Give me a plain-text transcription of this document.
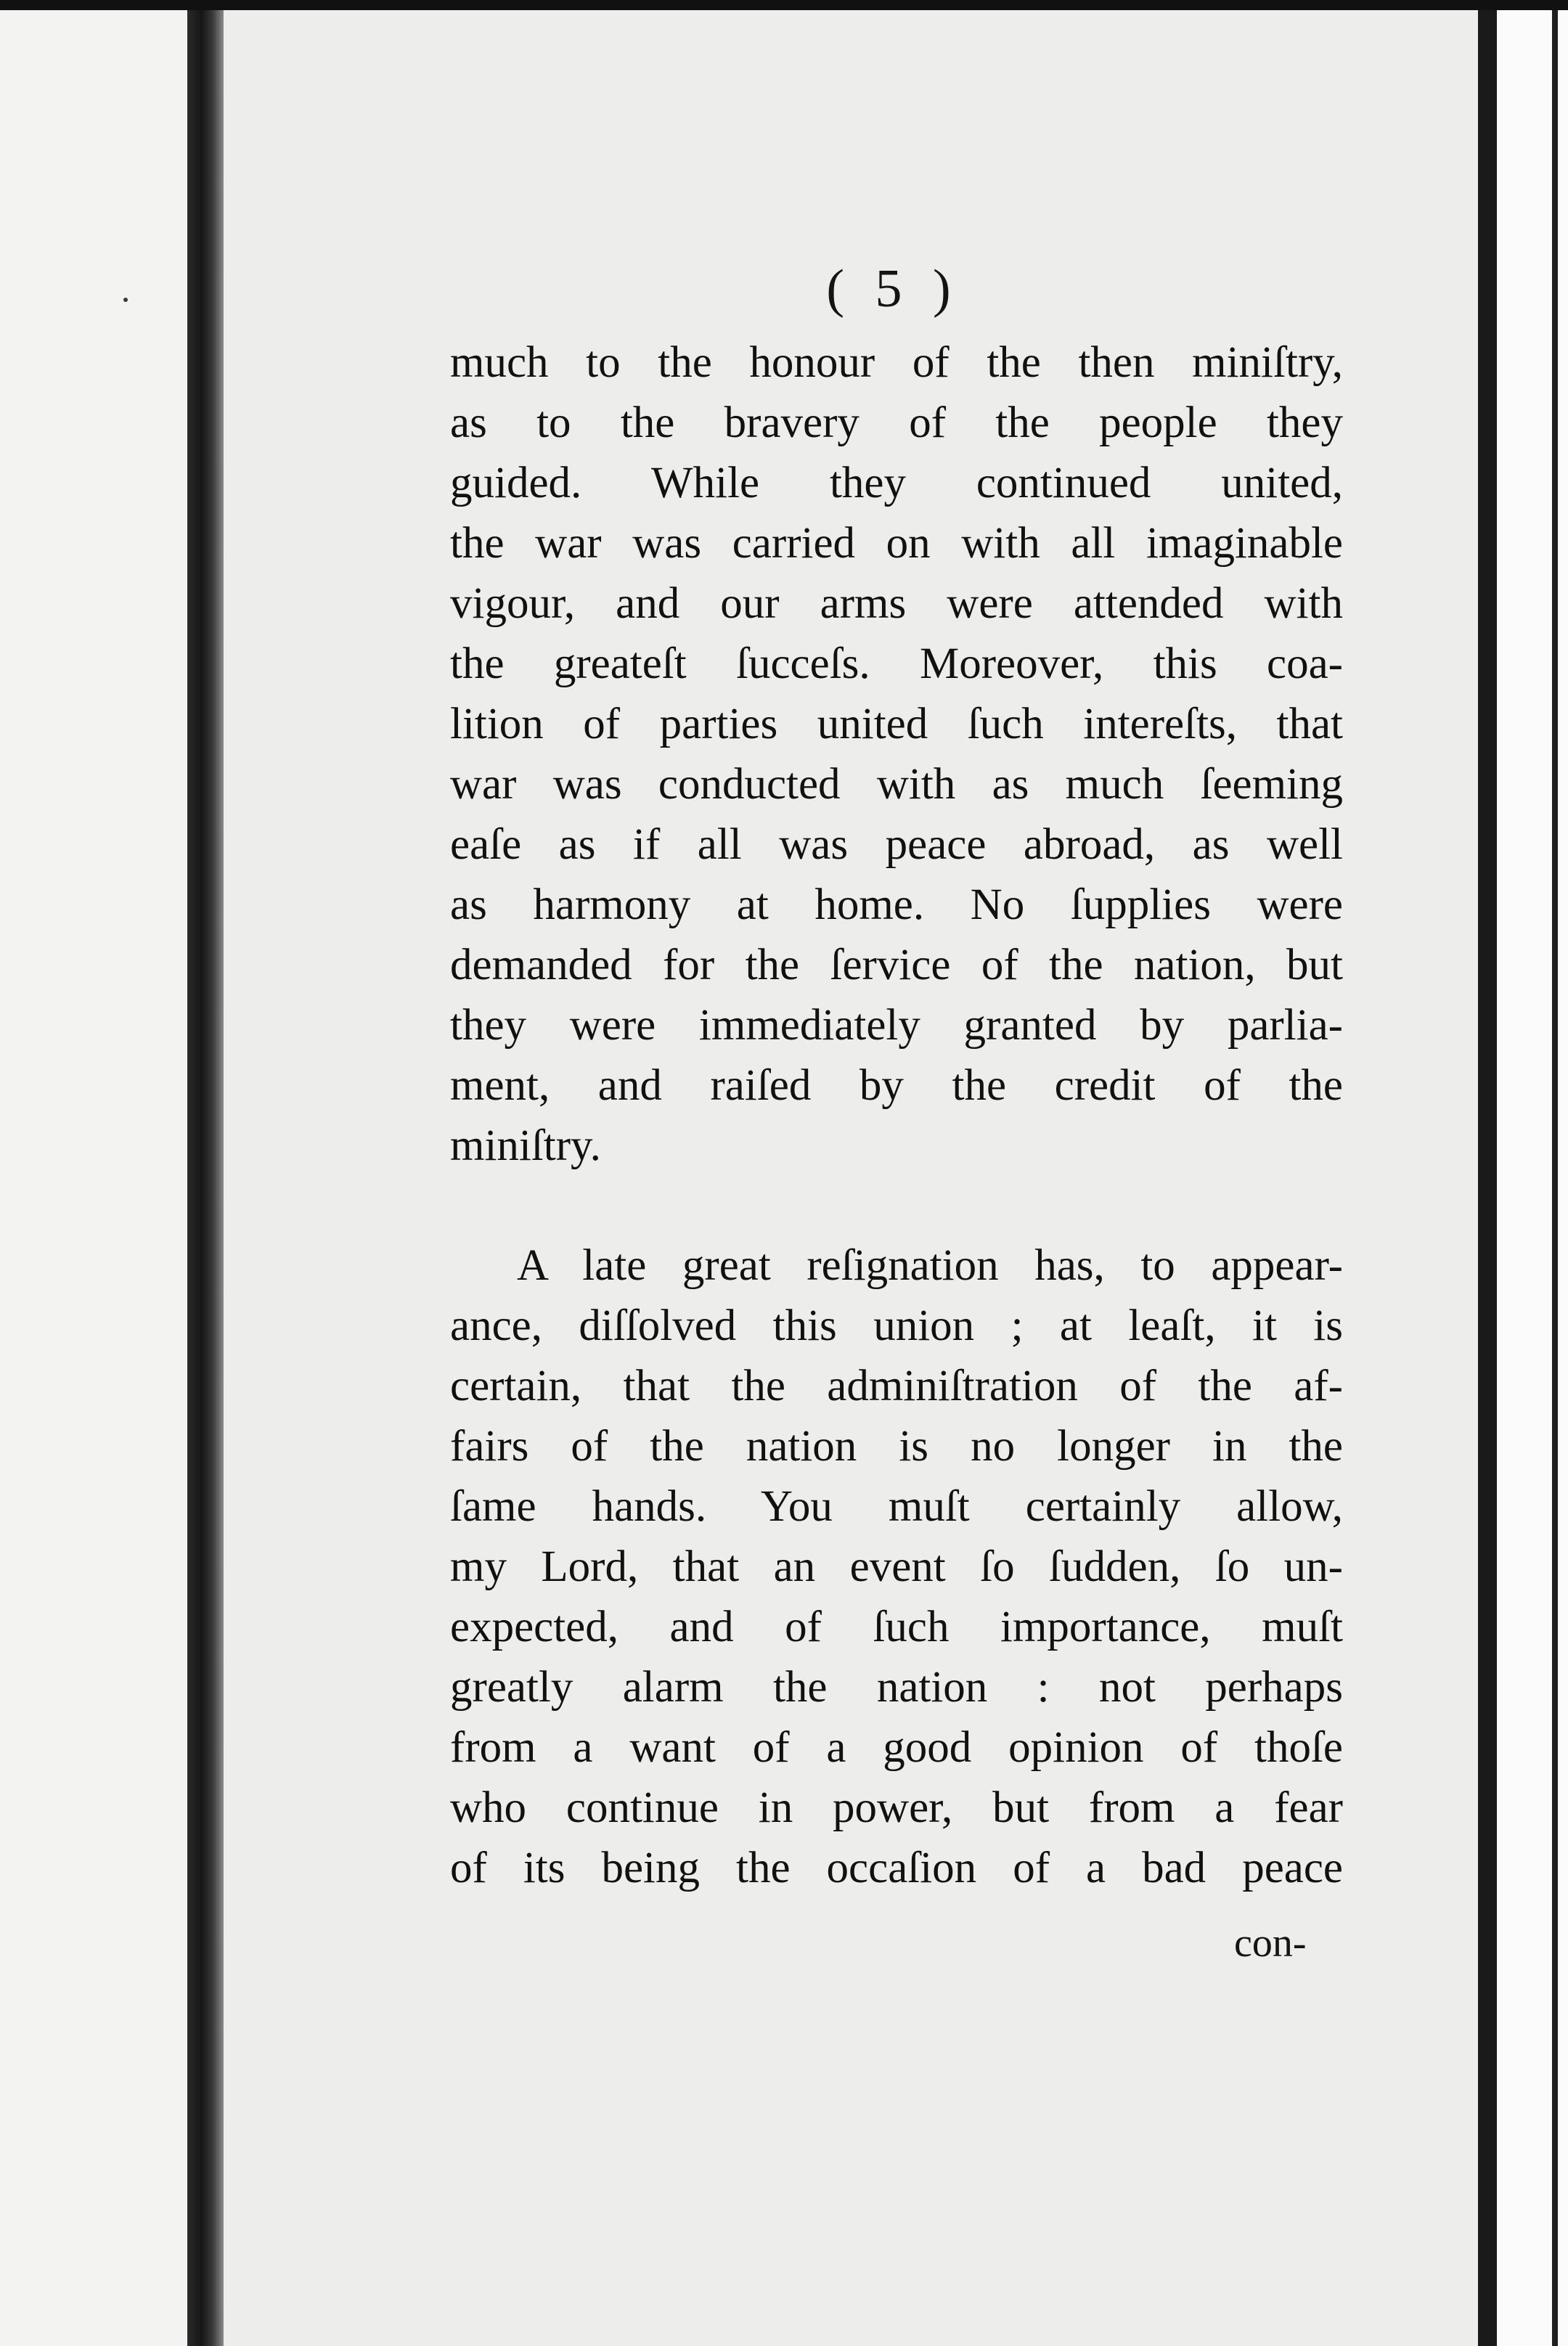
( 5 )
much to the honour of the then miniſtry,
as to the bravery of the people they
guided. While they continued united,
the war was carried on with all imaginable
vigour, and our arms were attended with
the greateſt ſucceſs. Moreover, this coa-
lition of parties united ſuch intereſts, that
war was conducted with as much ſeeming
eaſe as if all was peace abroad, as well
as harmony at home. No ſupplies were
demanded for the ſervice of the nation, but
they were immediately granted by parlia-
ment, and raiſed by the credit of the
miniſtry.
A late great reſignation has, to appear-
ance, diſſolved this union ; at leaſt, it is
certain, that the adminiſtration of the af-
fairs of the nation is no longer in the
ſame hands. You muſt certainly allow,
my Lord, that an event ſo ſudden, ſo un-
expected, and of ſuch importance, muſt
greatly alarm the nation : not perhaps
from a want of a good opinion of thoſe
who continue in power, but from a fear
of its being the occaſion of a bad peace
con-
